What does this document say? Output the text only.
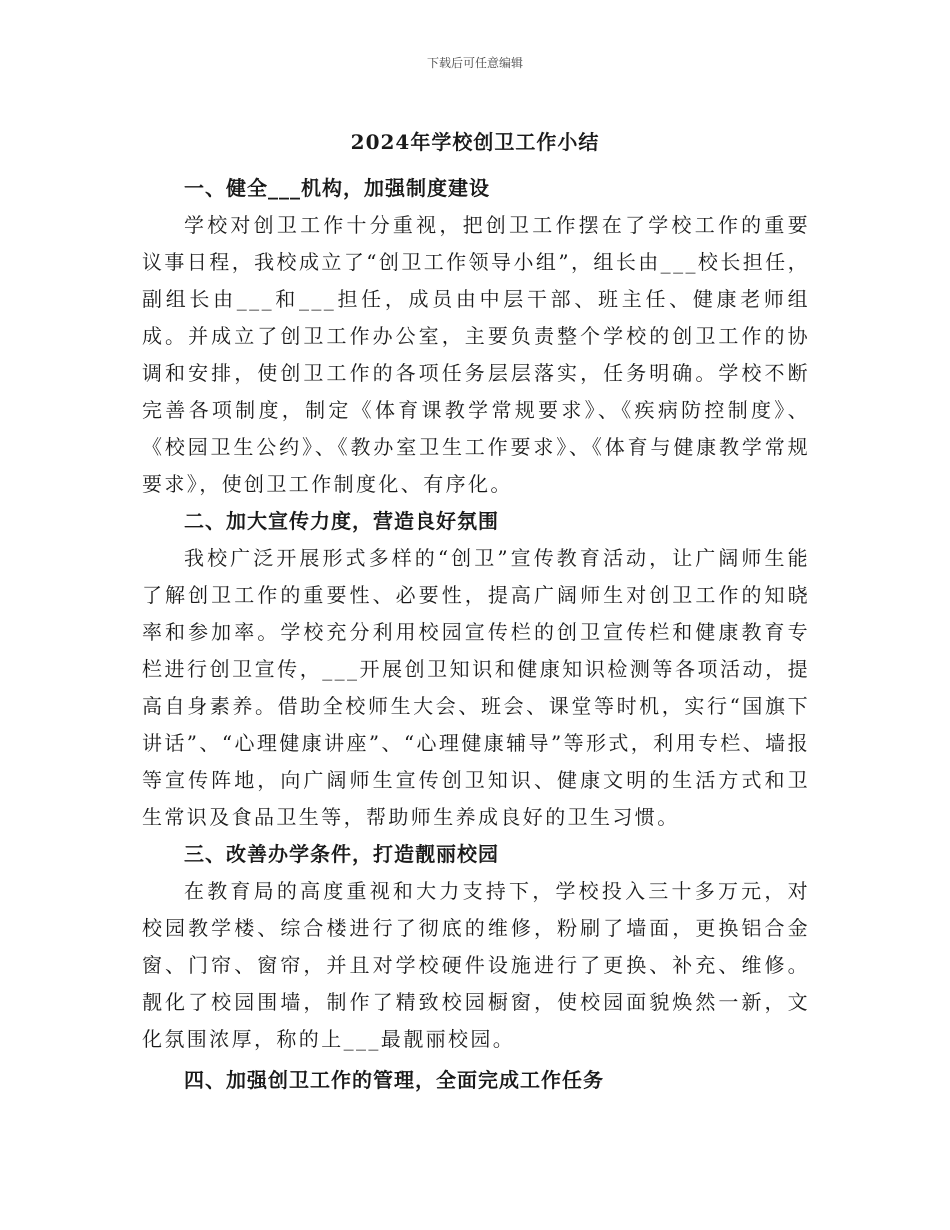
下载后可任意编辑
2024年学校创卫工作小结
一、健全___机构，加强制度建设
学校对创卫工作十分重视，把创卫工作摆在了学校工作的重要议事日程，我校成立了“创卫工作领导小组”，组长由___校长担任，副组长由___和___担任，成员由中层干部、班主任、健康老师组成。并成立了创卫工作办公室，主要负责整个学校的创卫工作的协调和安排，使创卫工作的各项任务层层落实，任务明确。学校不断完善各项制度，制定《体育课教学常规要求》、《疾病防控制度》、《校园卫生公约》、《教办室卫生工作要求》、《体育与健康教学常规要求》，使创卫工作制度化、有序化。
二、加大宣传力度，营造良好氛围
我校广泛开展形式多样的“创卫”宣传教育活动，让广阔师生能了解创卫工作的重要性、必要性，提高广阔师生对创卫工作的知晓率和参加率。学校充分利用校园宣传栏的创卫宣传栏和健康教育专栏进行创卫宣传，___开展创卫知识和健康知识检测等各项活动，提高自身素养。借助全校师生大会、班会、课堂等时机，实行“国旗下讲话”、“心理健康讲座”、“心理健康辅导”等形式，利用专栏、墙报等宣传阵地，向广阔师生宣传创卫知识、健康文明的生活方式和卫生常识及食品卫生等，帮助师生养成良好的卫生习惯。
三、改善办学条件，打造靓丽校园
在教育局的高度重视和大力支持下，学校投入三十多万元，对校园教学楼、综合楼进行了彻底的维修，粉刷了墙面，更换铝合金窗、门帘、窗帘，并且对学校硬件设施进行了更换、补充、维修。靓化了校园围墙，制作了精致校园橱窗，使校园面貌焕然一新，文化氛围浓厚，称的上___最靓丽校园。
四、加强创卫工作的管理，全面完成工作任务
